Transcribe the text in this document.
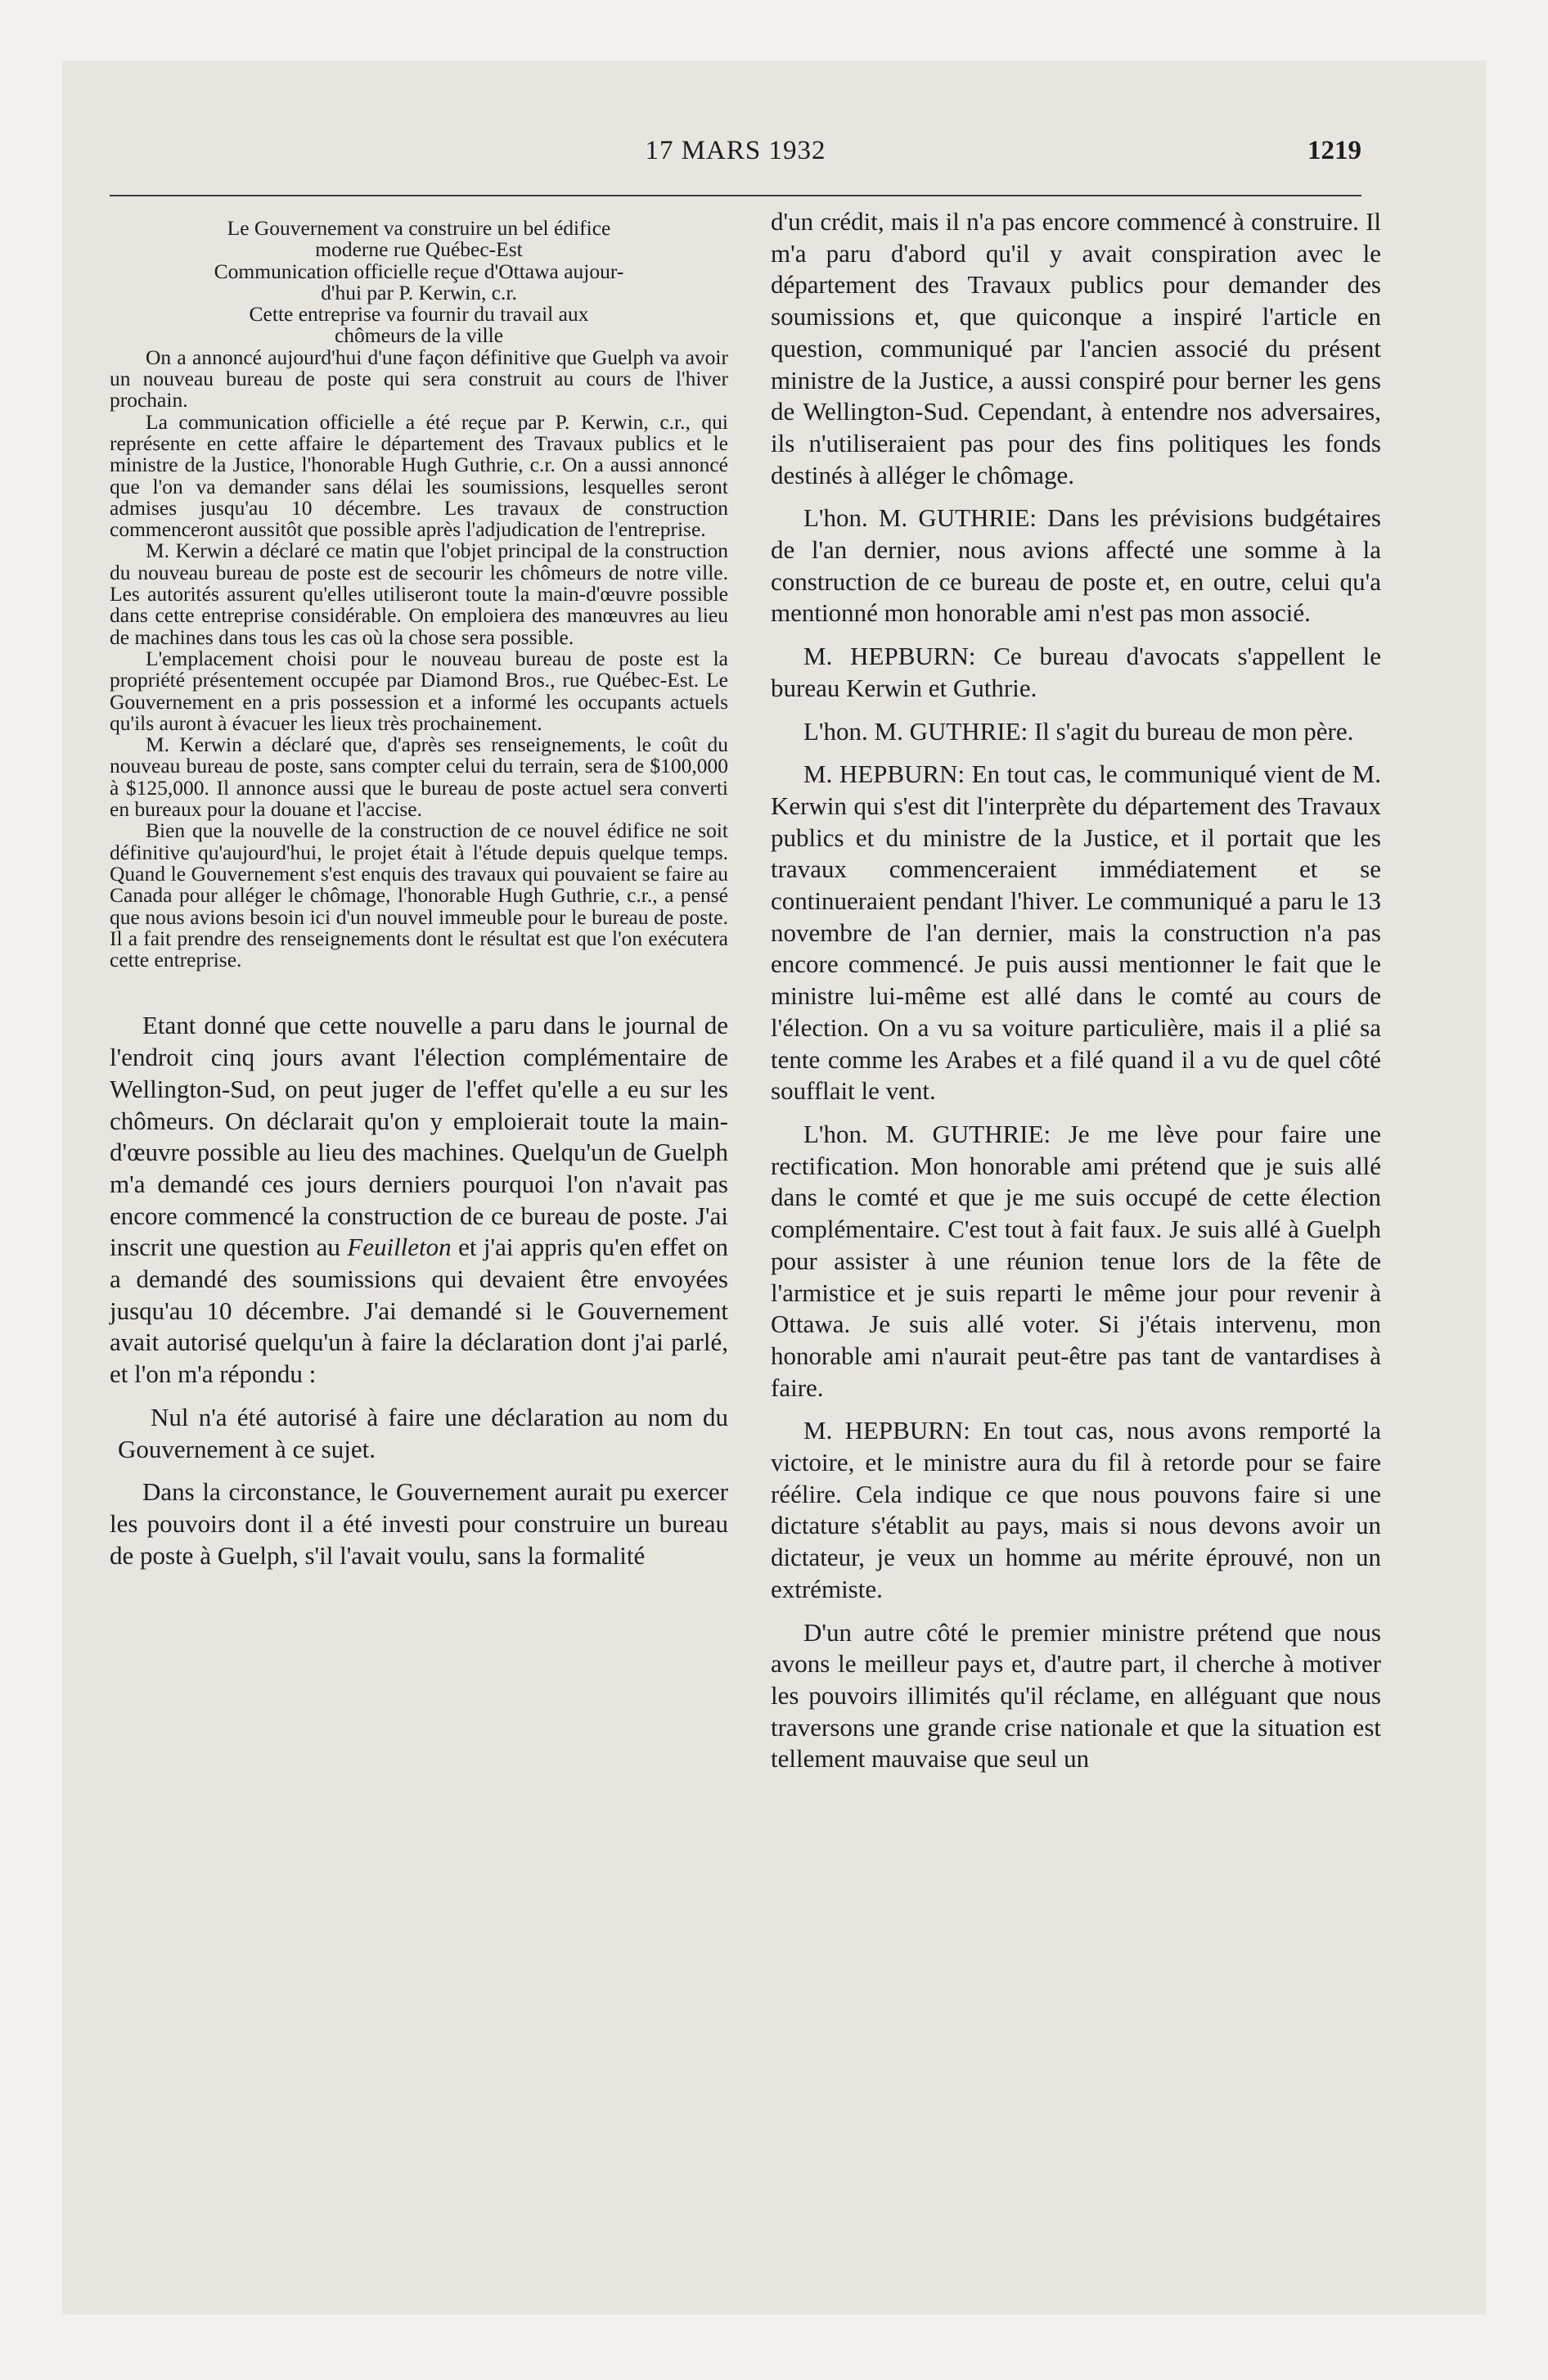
17 MARS 1932	1219
Le Gouvernement va construire un bel édifice
moderne rue Québec-Est
Communication officielle reçue d'Ottawa aujour-
d'hui par P. Kerwin, c.r.
Cette entreprise va fournir du travail aux
chômeurs de la ville

On a annoncé aujourd'hui d'une façon définitive que Guelph va avoir un nouveau bureau de poste qui sera construit au cours de l'hiver prochain.

La communication officielle a été reçue par P. Kerwin, c.r., qui représente en cette affaire le département des Travaux publics et le ministre de la Justice, l'honorable Hugh Guthrie, c.r. On a aussi annoncé que l'on va demander sans délai les soumissions, lesquelles seront admises jusqu'au 10 décembre. Les travaux de construction commenceront aussitôt que possible après l'adjudication de l'entreprise.

M. Kerwin a déclaré ce matin que l'objet principal de la construction du nouveau bureau de poste est de secourir les chômeurs de notre ville. Les autorités assurent qu'elles utiliseront toute la main-d'œuvre possible dans cette entreprise considérable. On emploiera des manœuvres au lieu de machines dans tous les cas où la chose sera possible.

L'emplacement choisi pour le nouveau bureau de poste est la propriété présentement occupée par Diamond Bros., rue Québec-Est. Le Gouvernement en a pris possession et a informé les occupants actuels qu'ils auront à évacuer les lieux très prochainement.

M. Kerwin a déclaré que, d'après ses renseignements, le coût du nouveau bureau de poste, sans compter celui du terrain, sera de $100,000 à $125,000. Il annonce aussi que le bureau de poste actuel sera converti en bureaux pour la douane et l'accise.

Bien que la nouvelle de la construction de ce nouvel édifice ne soit définitive qu'aujourd'hui, le projet était à l'étude depuis quelque temps. Quand le Gouvernement s'est enquis des travaux qui pouvaient se faire au Canada pour alléger le chômage, l'honorable Hugh Guthrie, c.r., a pensé que nous avions besoin ici d'un nouvel immeuble pour le bureau de poste. Il a fait prendre des renseignements dont le résultat est que l'on exécutera cette entreprise.

Etant donné que cette nouvelle a paru dans le journal de l'endroit cinq jours avant l'élection complémentaire de Wellington-Sud, on peut juger de l'effet qu'elle a eu sur les chômeurs. On déclarait qu'on y emploierait toute la main-d'œuvre possible au lieu des machines. Quelqu'un de Guelph m'a demandé ces jours derniers pourquoi l'on n'avait pas encore commencé la construction de ce bureau de poste. J'ai inscrit une question au Feuilleton et j'ai appris qu'en effet on a demandé des soumissions qui devaient être envoyées jusqu'au 10 décembre. J'ai demandé si le Gouvernement avait autorisé quelqu'un à faire la déclaration dont j'ai parlé, et l'on m'a répondu :

Nul n'a été autorisé à faire une déclaration au nom du Gouvernement à ce sujet.

Dans la circonstance, le Gouvernement aurait pu exercer les pouvoirs dont il a été investi pour construire un bureau de poste à Guelph, s'il l'avait voulu, sans la formalité

d'un crédit, mais il n'a pas encore commencé à construire. Il m'a paru d'abord qu'il y avait conspiration avec le département des Travaux publics pour demander des soumissions et, que quiconque a inspiré l'article en question, communiqué par l'ancien associé du présent ministre de la Justice, a aussi conspiré pour berner les gens de Wellington-Sud. Cependant, à entendre nos adversaires, ils n'utiliseraient pas pour des fins politiques les fonds destinés à alléger le chômage.

L'hon. M. GUTHRIE: Dans les prévisions budgétaires de l'an dernier, nous avions affecté une somme à la construction de ce bureau de poste et, en outre, celui qu'a mentionné mon honorable ami n'est pas mon associé.

M. HEPBURN: Ce bureau d'avocats s'appellent le bureau Kerwin et Guthrie.

L'hon. M. GUTHRIE: Il s'agit du bureau de mon père.

M. HEPBURN: En tout cas, le communiqué vient de M. Kerwin qui s'est dit l'interprète du département des Travaux publics et du ministre de la Justice, et il portait que les travaux commenceraient immédiatement et se continueraient pendant l'hiver. Le communiqué a paru le 13 novembre de l'an dernier, mais la construction n'a pas encore commencé. Je puis aussi mentionner le fait que le ministre lui-même est allé dans le comté au cours de l'élection. On a vu sa voiture particulière, mais il a plié sa tente comme les Arabes et a filé quand il a vu de quel côté soufflait le vent.

L'hon. M. GUTHRIE: Je me lève pour faire une rectification. Mon honorable ami prétend que je suis allé dans le comté et que je me suis occupé de cette élection complémentaire. C'est tout à fait faux. Je suis allé à Guelph pour assister à une réunion tenue lors de la fête de l'armistice et je suis reparti le même jour pour revenir à Ottawa. Je suis allé voter. Si j'étais intervenu, mon honorable ami n'aurait peut-être pas tant de vantardises à faire.

M. HEPBURN: En tout cas, nous avons remporté la victoire, et le ministre aura du fil à retorde pour se faire réélire. Cela indique ce que nous pouvons faire si une dictature s'établit au pays, mais si nous devons avoir un dictateur, je veux un homme au mérite éprouvé, non un extrémiste.

D'un autre côté le premier ministre prétend que nous avons le meilleur pays et, d'autre part, il cherche à motiver les pouvoirs illimités qu'il réclame, en alléguant que nous traversons une grande crise nationale et que la situation est tellement mauvaise que seul un
